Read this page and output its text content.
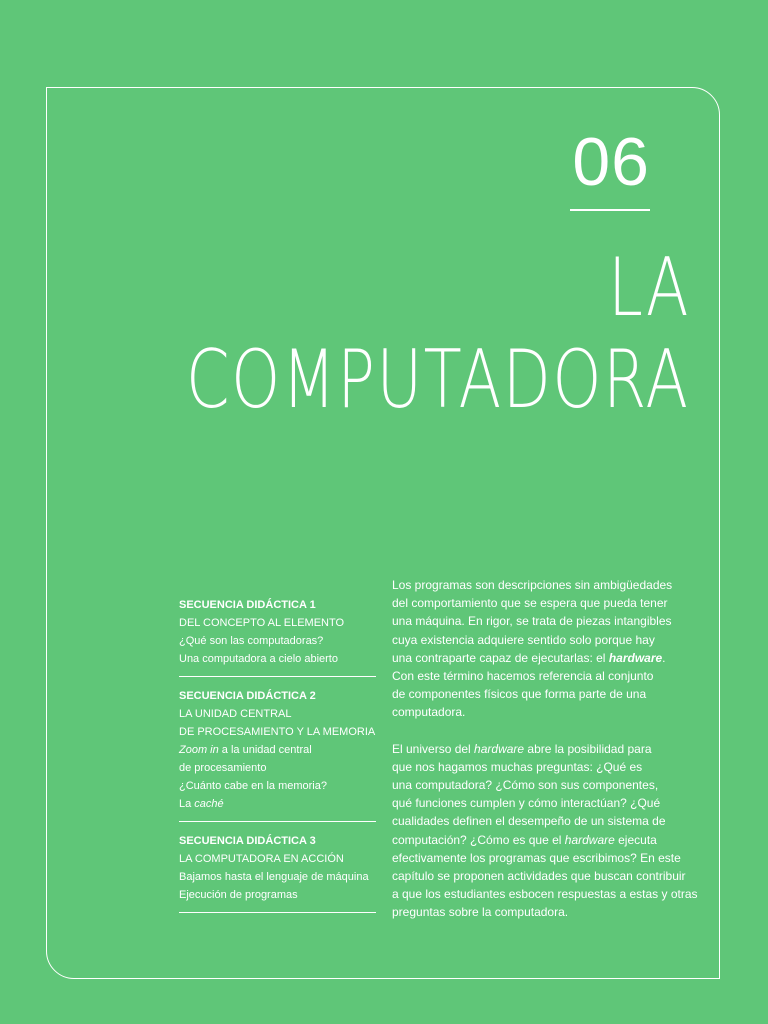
06
LA
COMPUTADORA
SECUENCIA DIDÁCTICA 1
DEL CONCEPTO AL ELEMENTO
¿Qué son las computadoras?
Una computadora a cielo abierto
SECUENCIA DIDÁCTICA 2
LA UNIDAD CENTRAL
DE PROCESAMIENTO Y LA MEMORIA
Zoom in a la unidad central
de procesamiento
¿Cuánto cabe en la memoria?
La caché
SECUENCIA DIDÁCTICA 3
LA COMPUTADORA EN ACCIÓN
Bajamos hasta el lenguaje de máquina
Ejecución de programas

Los programas son descripciones sin ambigüedades
del comportamiento que se espera que pueda tener
una máquina. En rigor, se trata de piezas intangibles
cuya existencia adquiere sentido solo porque hay
una contraparte capaz de ejecutarlas: el hardware.
Con este término hacemos referencia al conjunto
de componentes físicos que forma parte de una
computadora.

El universo del hardware abre la posibilidad para
que nos hagamos muchas preguntas: ¿Qué es
una computadora? ¿Cómo son sus componentes,
qué funciones cumplen y cómo interactúan? ¿Qué
cualidades definen el desempeño de un sistema de
computación? ¿Cómo es que el hardware ejecuta
efectivamente los programas que escribimos? En este
capítulo se proponen actividades que buscan contribuir
a que los estudiantes esbocen respuestas a estas y otras
preguntas sobre la computadora.
